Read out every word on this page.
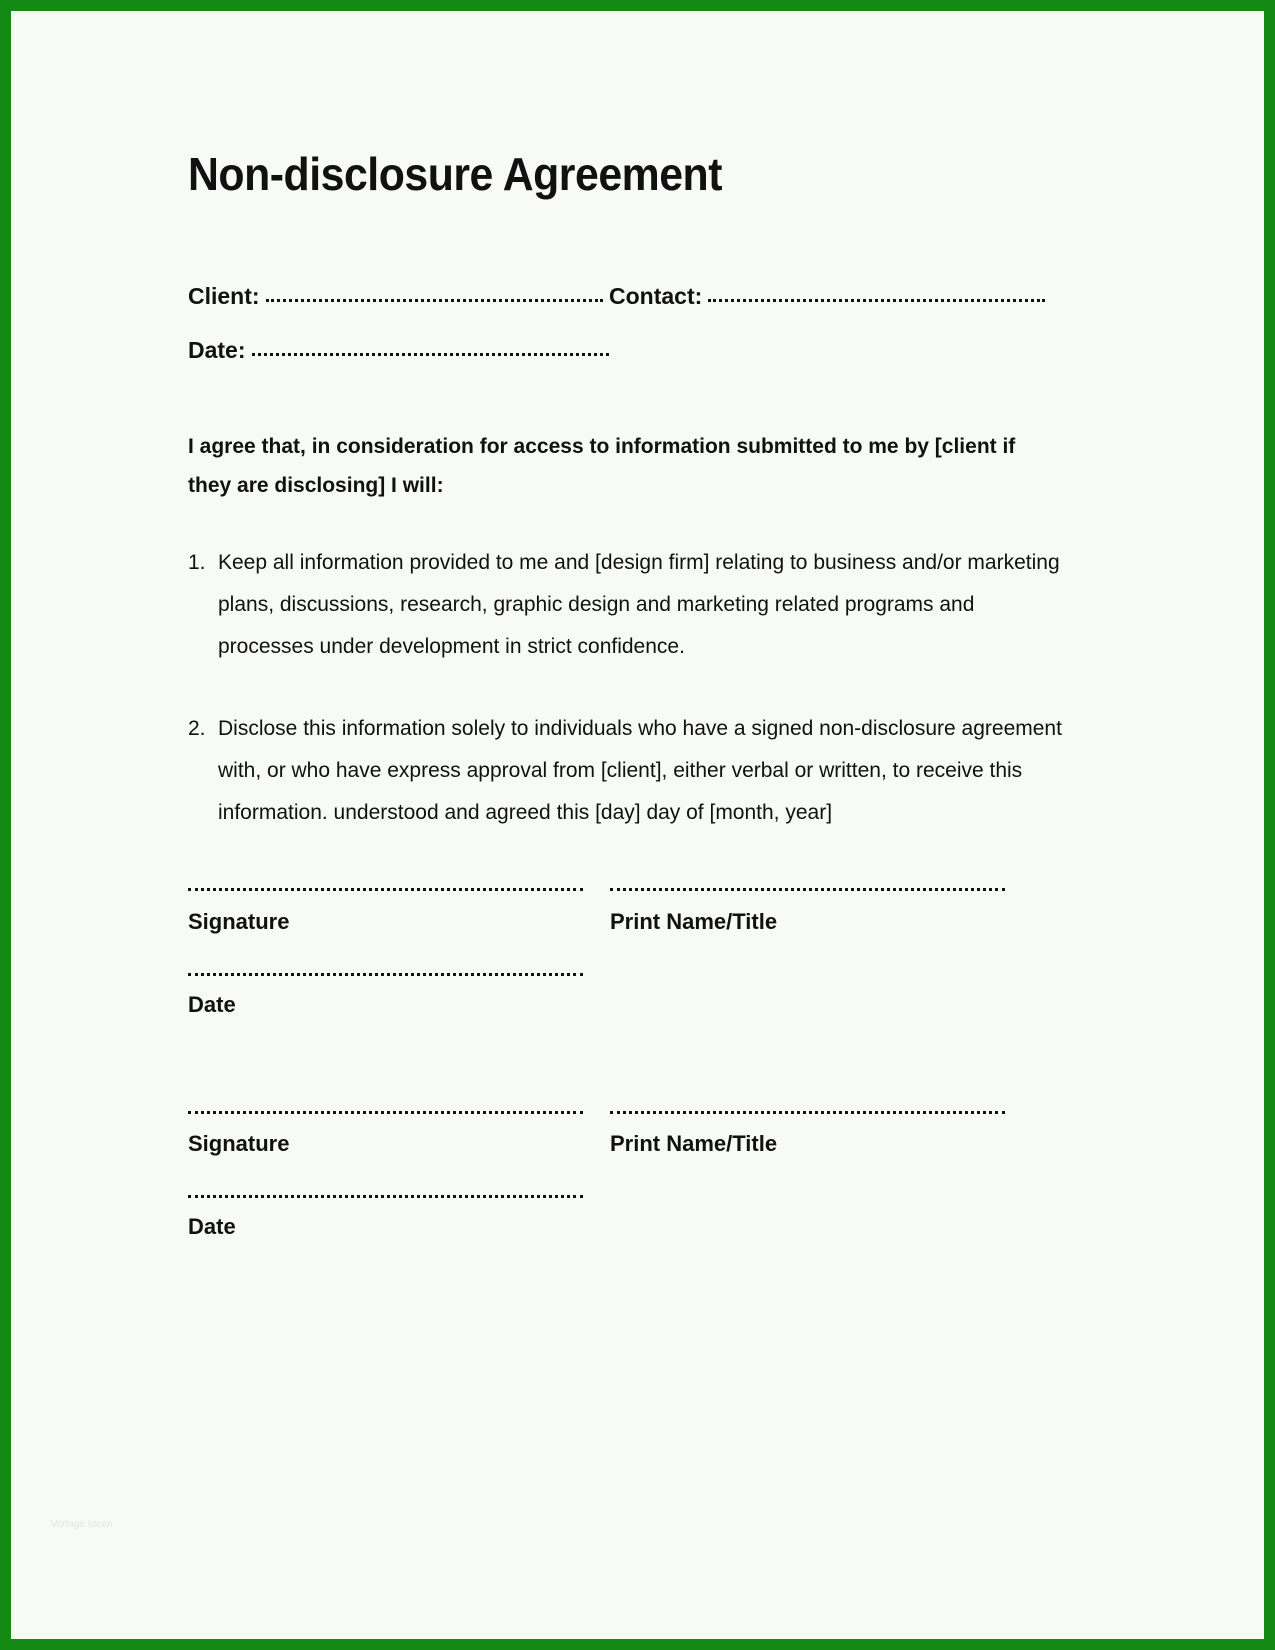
Non-disclosure Agreement
Client:	Contact:
Date:

I agree that, in consideration for access to information submitted to me by [client if they are disclosing] I will:

1. Keep all information provided to me and [design firm] relating to business and/or marketing plans, discussions, research, graphic design and marketing related programs and processes under development in strict confidence.
2. Disclose this information solely to individuals who have a signed non-disclosure agreement with, or who have express approval from [client], either verbal or written, to receive this information. understood and agreed this [day] day of [month, year]
Signature	Print Name/Title
Date
Signature	Print Name/Title
Date
Vorlage Ideen
